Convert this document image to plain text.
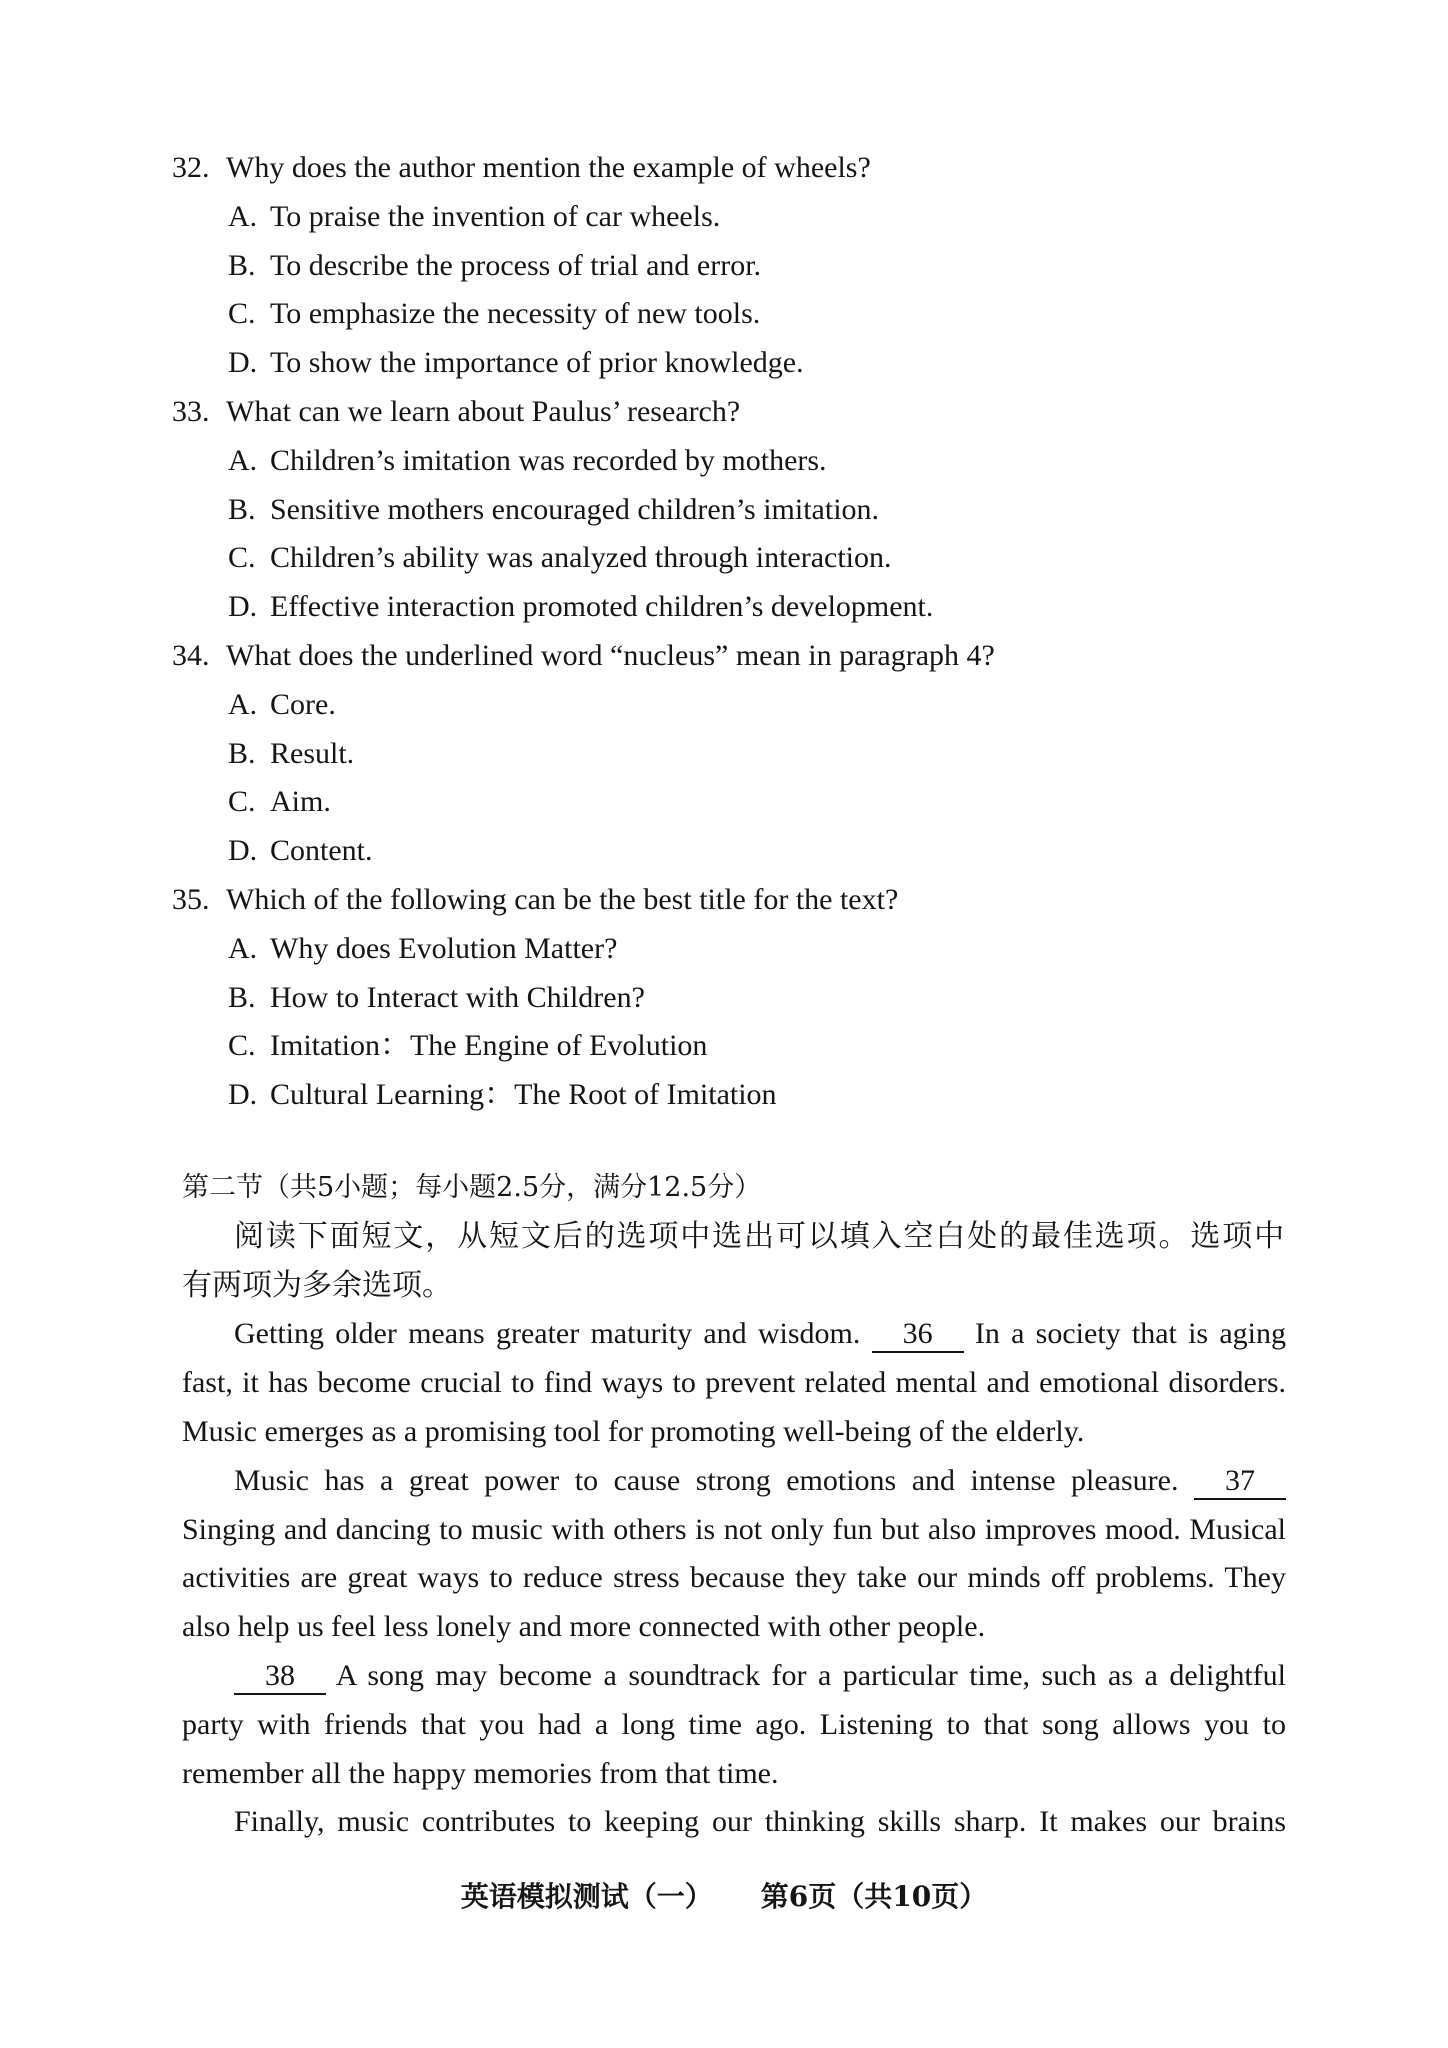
32. Why does the author mention the example of wheels?
A. To praise the invention of car wheels.
B. To describe the process of trial and error.
C. To emphasize the necessity of new tools.
D. To show the importance of prior knowledge.
33. What can we learn about Paulus’ research?
A. Children’s imitation was recorded by mothers.
B. Sensitive mothers encouraged children’s imitation.
C. Children’s ability was analyzed through interaction.
D. Effective interaction promoted children’s development.
34. What does the underlined word “nucleus” mean in paragraph 4?
A. Core.
B. Result.
C. Aim.
D. Content.
35. Which of the following can be the best title for the text?
A. Why does Evolution Matter?
B. How to Interact with Children?
C. Imitation：The Engine of Evolution
D. Cultural Learning：The Root of Imitation
第二节（共5小题；每小题2.5分，满分12.5分）
阅读下面短文，从短文后的选项中选出可以填入空白处的最佳选项。选项中
有两项为多余选项。
Getting older means greater maturity and wisdom. 36 In a society that is aging
fast, it has become crucial to find ways to prevent related mental and emotional disorders.
Music emerges as a promising tool for promoting well-being of the elderly.
Music has a great power to cause strong emotions and intense pleasure. 37
Singing and dancing to music with others is not only fun but also improves mood. Musical
activities are great ways to reduce stress because they take our minds off problems. They
also help us feel less lonely and more connected with other people.
38 A song may become a soundtrack for a particular time, such as a delightful
party with friends that you had a long time ago. Listening to that song allows you to
remember all the happy memories from that time.
Finally, music contributes to keeping our thinking skills sharp. It makes our brains
英语模拟测试（一） 第6页（共10页）
